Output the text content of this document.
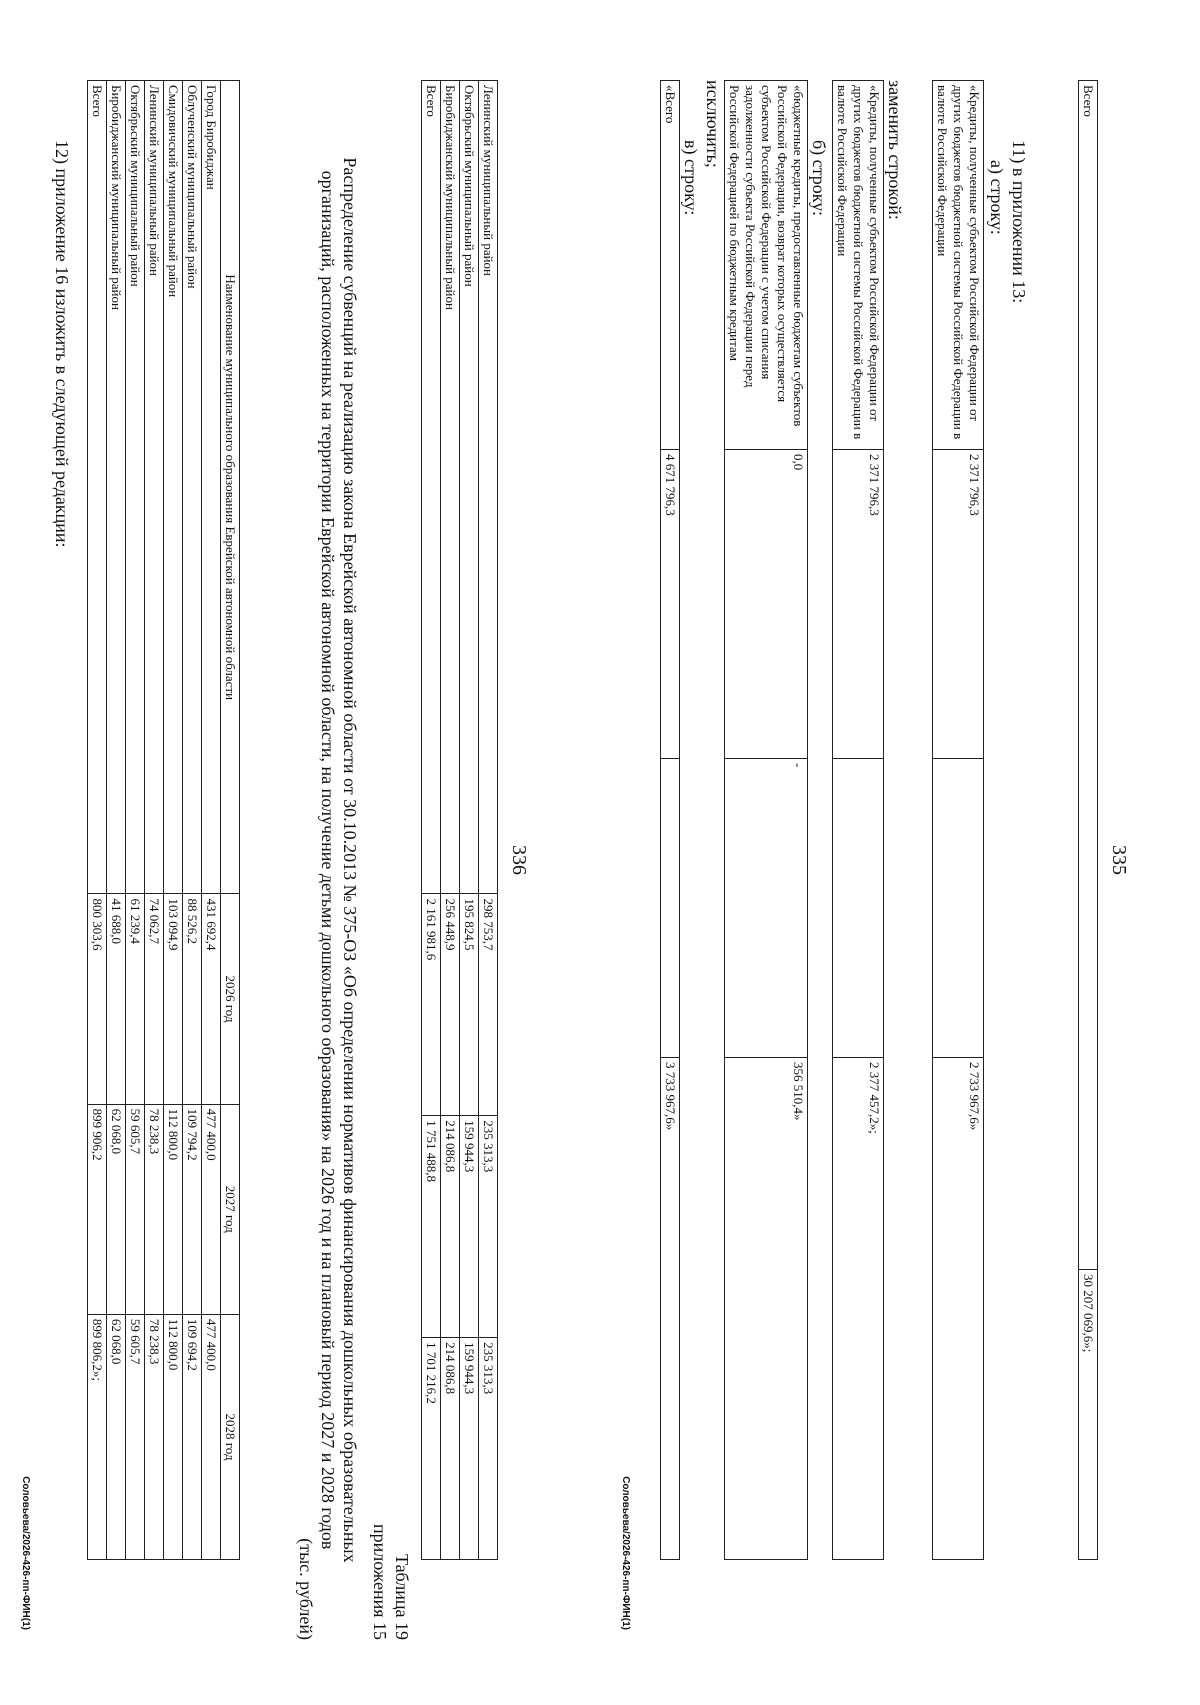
335
Всего	30 207 069,6»;
11) в приложении 13:
а) строку:
«Кредиты, полученные субъектом Российской Федерации от других бюджетов бюджетной системы Российской Федерации в валюте Российской Федерации	2 371 796,3		2 733 967,6»
заменить строкой:
«Кредиты, полученные субъектом Российской Федерации от других бюджетов бюджетной системы Российской Федерации в валюте Российской Федерации	2 371 796,3		2 377 457,2»;
б) строку:
«бюджетные кредиты, предоставленные бюджетам субъектов Российской Федерации, возврат которых осуществляется субъектом Российской Федерации с учетом списания задолженности субъекта Российской Федерации перед Российской Федерацией по бюджетным кредитам	0,0	-	356 510,4»
исключить;
в) строку:
«Всего	4 671 796,3		3 733 967,6»
Соловьева/2026-426-пп-ФИН(1)
336
Ленинский муниципальный район	298 753,7	235 313,3	235 313,3
Октябрьский муниципальный район	195 824,5	159 944,3	159 944,3
Биробиджанский муниципальный район	256 448,9	214 086,8	214 086,8
Всего	2 161 981,6	1 751 488,8	1 701 216,2
Таблица 19
приложения 15
Распределение субвенций на реализацию закона Еврейской автономной области от 30.10.2013 № 375-ОЗ «Об определении нормативов финансирования дошкольных образовательных организаций, расположенных на территории Еврейской автономной области, на получение детьми дошкольного образования» на 2026 год и на плановый период 2027 и 2028 годов
(тыс. рублей)
Наименование муниципального образования Еврейской автономной области	2026 год	2027 год	2028 год
Город Биробиджан	431 692,4	477 400,0	477 400,0
Облученский муниципальный район	88 526,2	109 794,2	109 694,2
Смидовичский муниципальный район	103 094,9	112 800,0	112 800,0
Ленинский муниципальный район	74 062,7	78 238,3	78 238,3
Октябрьский муниципальный район	61 239,4	59 605,7	59 605,7
Биробиджанский муниципальный район	41 688,0	62 068,0	62 068,0
Всего	800 303,6	899 906,2	899 806,2»;
12) приложение 16 изложить в следующей редакции:
Соловьева/2026-426-пп-ФИН(1)
